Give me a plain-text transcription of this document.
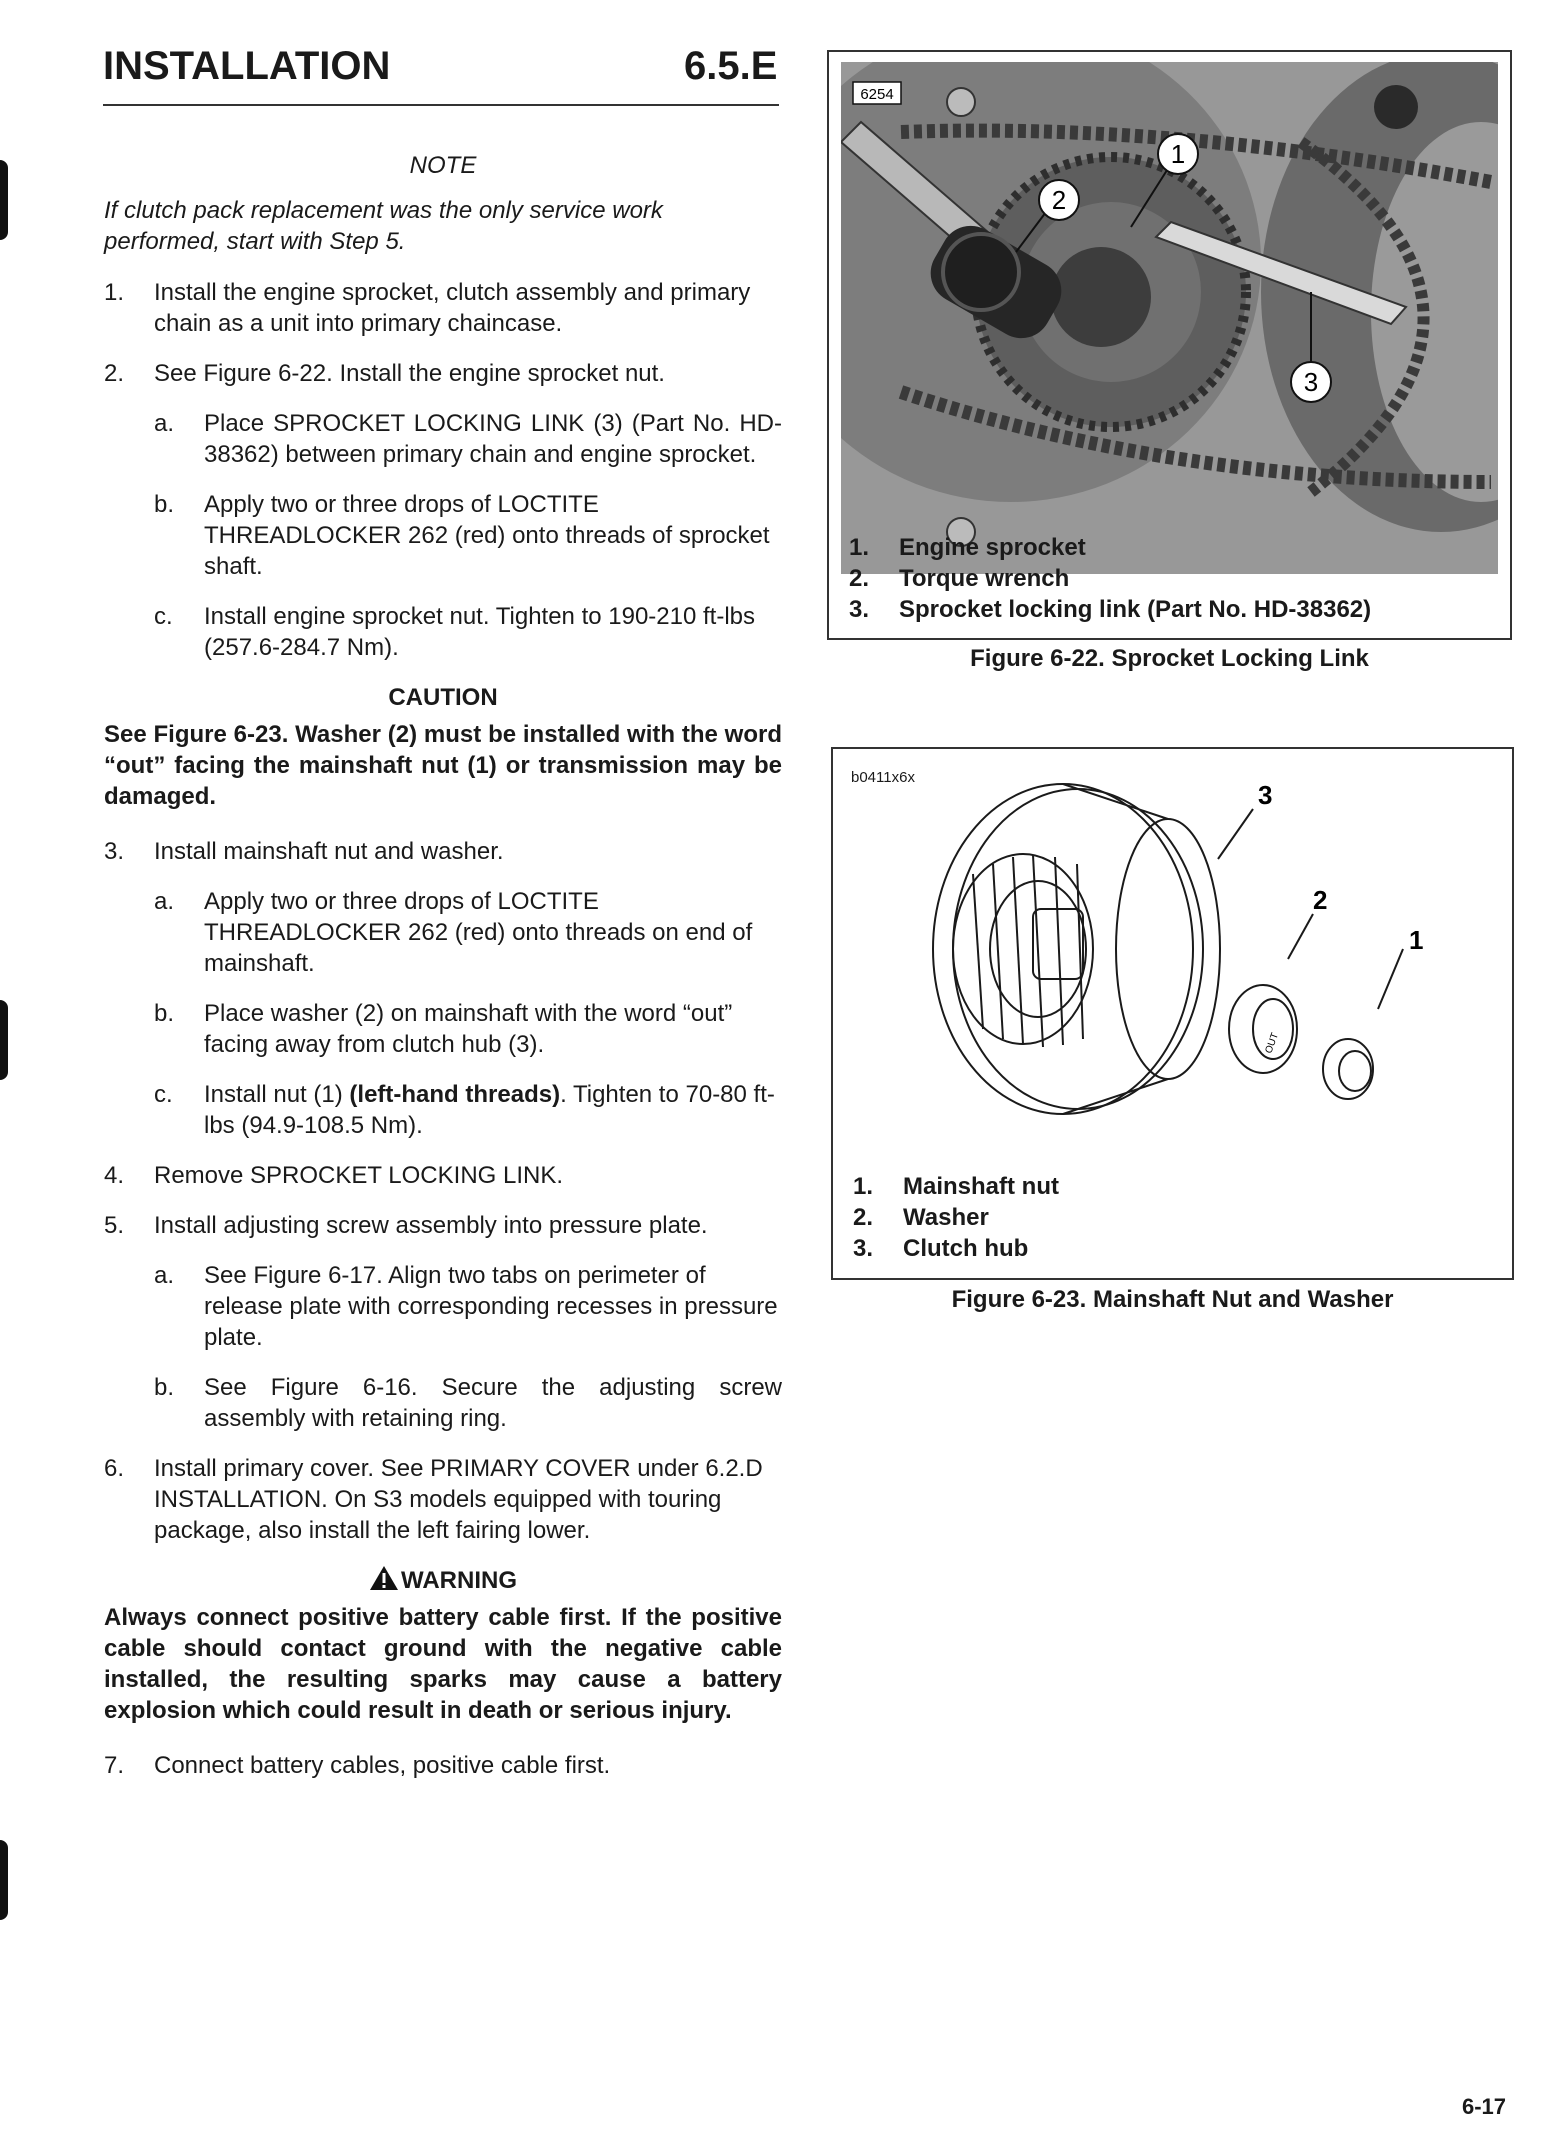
INSTALLATION	6.5.E
NOTE
If clutch pack replacement was the only service work performed, start with Step 5.
1.	Install the engine sprocket, clutch assembly and primary chain as a unit into primary chaincase.
2.	See Figure 6-22. Install the engine sprocket nut.
a.	Place SPROCKET LOCKING LINK (3) (Part No. HD-38362) between primary chain and engine sprocket.
b.	Apply two or three drops of LOCTITE THREADLOCKER 262 (red) onto threads of sprocket shaft.
c.	Install engine sprocket nut. Tighten to 190-210 ft-lbs (257.6-284.7 Nm).
CAUTION
See Figure 6-23. Washer (2) must be installed with the word “out” facing the mainshaft nut (1) or transmission may be damaged.
3.	Install mainshaft nut and washer.
a.	Apply two or three drops of LOCTITE THREADLOCKER 262 (red) onto threads on end of mainshaft.
b.	Place washer (2) on mainshaft with the word “out” facing away from clutch hub (3).
c.	Install nut (1) (left-hand threads). Tighten to 70-80 ft-lbs (94.9-108.5 Nm).
4.	Remove SPROCKET LOCKING LINK.
5.	Install adjusting screw assembly into pressure plate.
a.	See Figure 6-17. Align two tabs on perimeter of release plate with corresponding recesses in pressure plate.
b.	See Figure 6-16. Secure the adjusting screw assembly with retaining ring.
6.	Install primary cover. See PRIMARY COVER under 6.2.D INSTALLATION. On S3 models equipped with touring package, also install the left fairing lower.
WARNING
Always connect positive battery cable first. If the positive cable should contact ground with the negative cable installed, the resulting sparks may cause a battery explosion which could result in death or serious injury.
7.	Connect battery cables, positive cable first.
1
2
3
6254
1.	Engine sprocket
2.	Torque wrench
3.	Sprocket locking link (Part No. HD-38362)
Figure 6-22. Sprocket Locking Link
b0411x6x
OUT
3
2
1
1.	Mainshaft nut
2.	Washer
3.	Clutch hub
Figure 6-23. Mainshaft Nut and Washer
6-17
